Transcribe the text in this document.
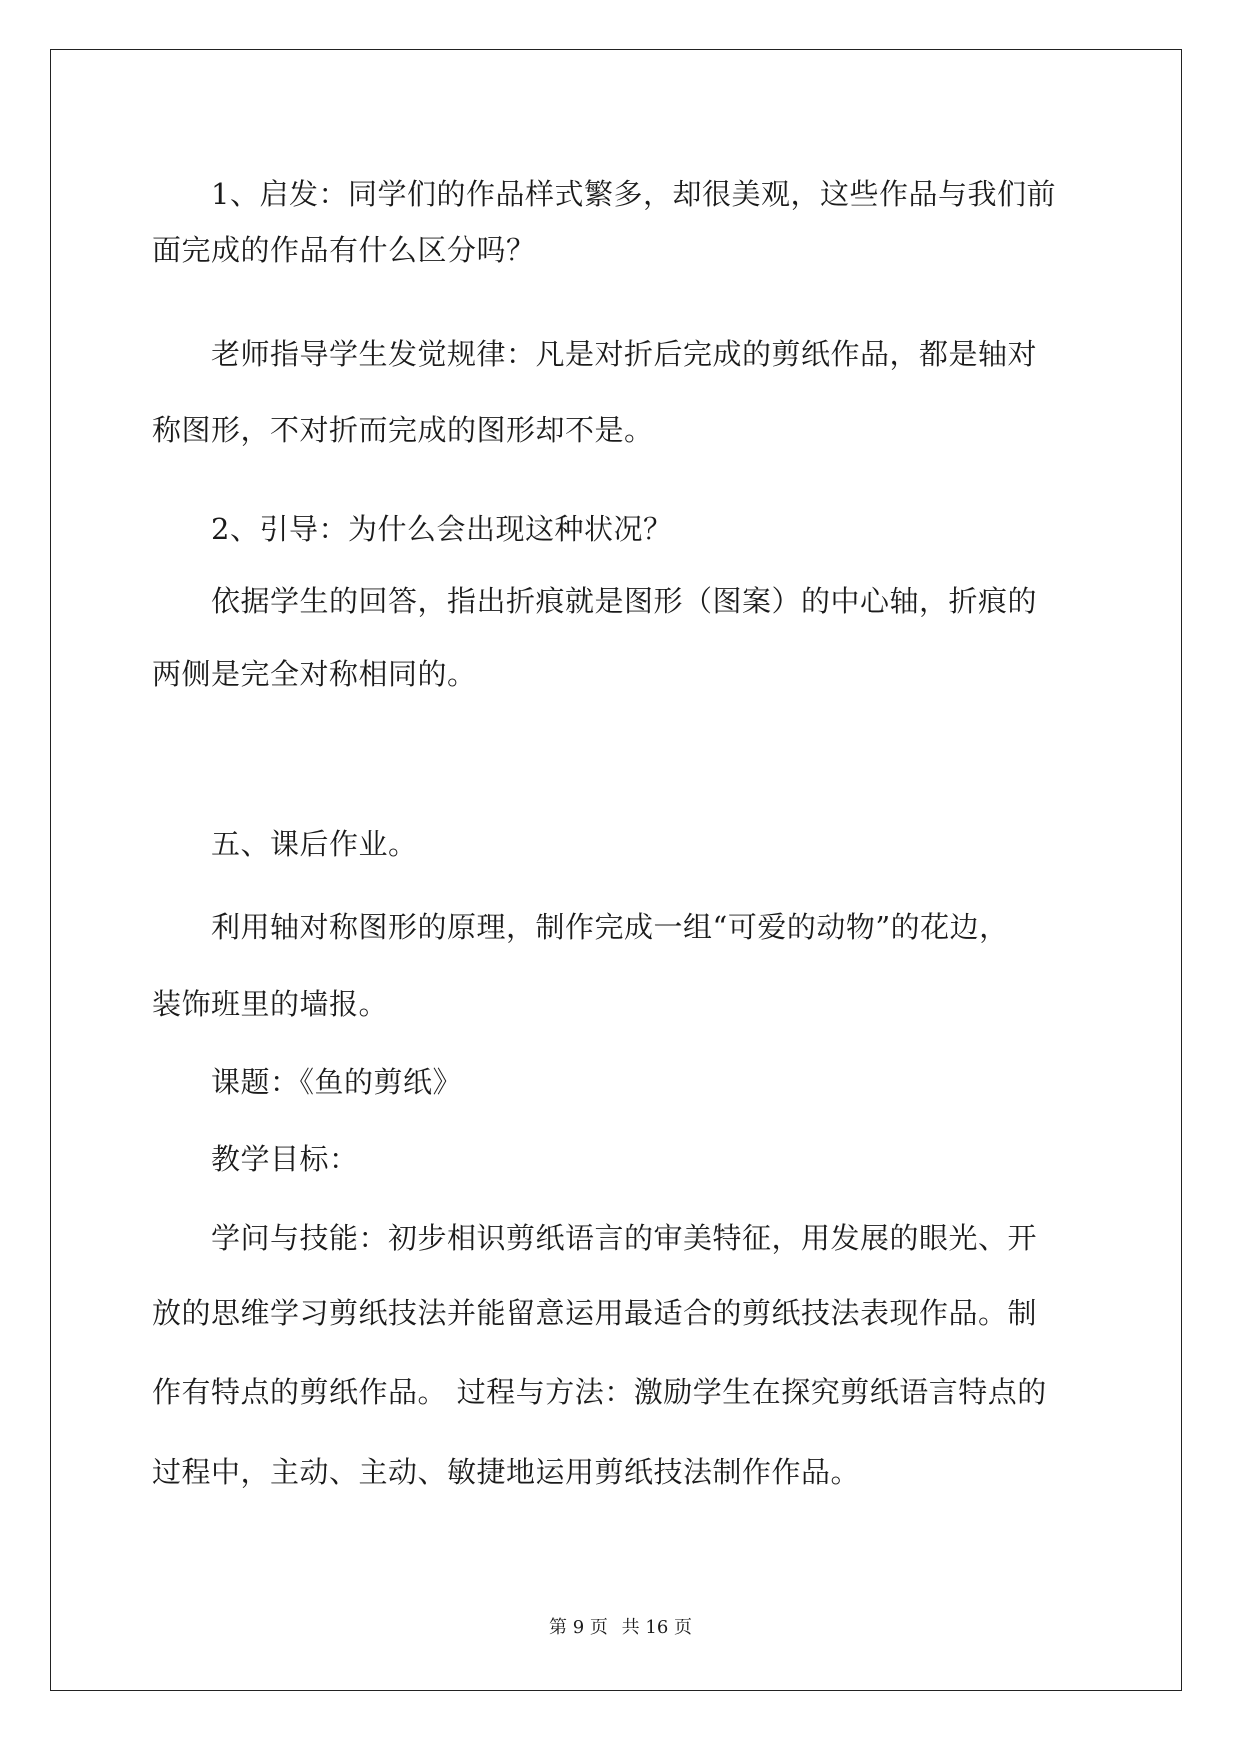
　　1、启发：同学们的作品样式繁多，却很美观，这些作品与我们前

面完成的作品有什么区分吗？

　　老师指导学生发觉规律：凡是对折后完成的剪纸作品，都是轴对

称图形，不对折而完成的图形却不是。

　　2、引导：为什么会出现这种状况？

　　依据学生的回答，指出折痕就是图形（图案）的中心轴，折痕的

两侧是完全对称相同的。

　　五、课后作业。

　　利用轴对称图形的原理，制作完成一组“可爱的动物”的花边，

装饰班里的墙报。

　　课题：《鱼的剪纸》

　　教学目标：

　　学问与技能：初步相识剪纸语言的审美特征，用发展的眼光、开

放的思维学习剪纸技法并能留意运用最适合的剪纸技法表现作品。制

作有特点的剪纸作品。 过程与方法：激励学生在探究剪纸语言特点的

过程中，主动、主动、敏捷地运用剪纸技法制作作品。

第 9 页 共 16 页
